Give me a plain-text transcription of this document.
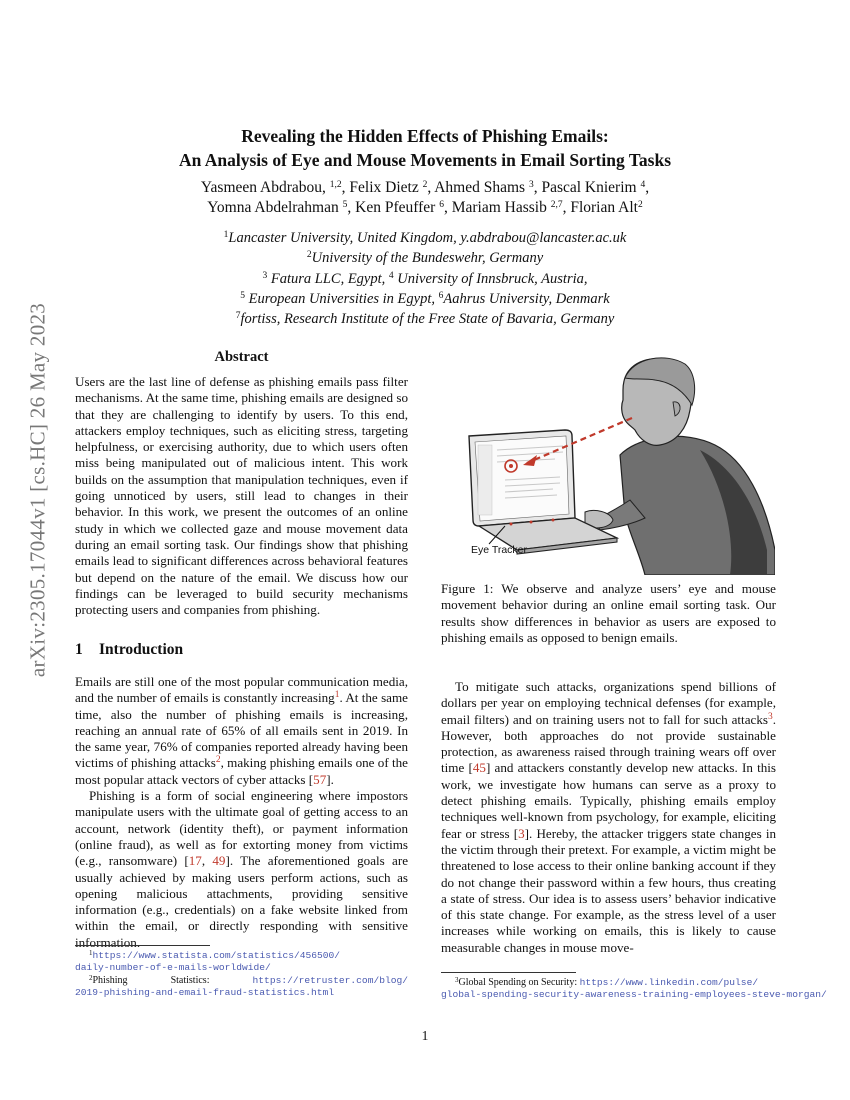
arXiv:2305.17044v1 [cs.HC] 26 May 2023
Revealing the Hidden Effects of Phishing Emails:
An Analysis of Eye and Mouse Movements in Email Sorting Tasks
Yasmeen Abdrabou, $^{1,2}$, Felix Dietz $^2$, Ahmed Shams $^3$, Pascal Knierim $^4$,
Yomna Abdelrahman $^5$, Ken Pfeuffer $^6$, Mariam Hassib $^{2,7}$, Florian Alt$^2$
$^1$Lancaster University, United Kingdom, y.abdrabou@lancaster.ac.uk
$^2$University of the Bundeswehr, Germany
$^3$ Fatura LLC, Egypt, $^4$ University of Innsbruck, Austria,
$^5$ European Universities in Egypt, $^6$Aahrus University, Denmark
$^7$fortiss, Research Institute of the Free State of Bavaria, Germany
Abstract

Users are the last line of defense as phishing emails pass filter mechanisms. At the same time, phishing emails are designed so that they are challenging to identify by users. To this end, attackers employ techniques, such as eliciting stress, targeting helpfulness, or exercising authority, due to which users often miss being manipulated out of malicious intent. This work builds on the assumption that manipulation techniques, even if going unnoticed by users, still lead to changes in their behavior. In this work, we present the outcomes of an online study in which we collected gaze and mouse movement data during an email sorting task. Our findings show that phishing emails lead to significant differences across behavioral features but depend on the nature of the email. We discuss how our findings can be leveraged to build security mechanisms protecting users and companies from phishing.

1 Introduction

Emails are still one of the most popular communication media, and the number of emails is constantly increasing$^1$. At the same time, also the number of phishing emails is increasing, reaching an annual rate of 65% of all emails sent in 2019. In the same year, 76% of companies reported already having been victims of phishing attacks$^2$, making phishing emails one of the most popular attack vectors of cyber attacks [57].

Phishing is a form of social engineering where impostors manipulate users with the ultimate goal of getting access to an account, network (identity theft), or payment information (online fraud), as well as for extorting money from victims (e.g., ransomware) [17, 49]. The aforementioned goals are usually achieved by making users perform actions, such as opening malicious attachments, providing sensitive information (e.g., credentials) on a fake website linked from within the email, or directly responding with sensitive information.

$^1$https://www.statista.com/statistics/456500/
daily-number-of-e-mails-worldwide/
$^2$Phishing	Statistics:	https://retruster.com/blog/
2019-phishing-and-email-fraud-statistics.html
Eye Tracker

Figure 1: We observe and analyze users’ eye and mouse movement behavior during an online email sorting task. Our results show differences in behavior as users are exposed to phishing emails as opposed to benign emails.

To mitigate such attacks, organizations spend billions of dollars per year on employing technical defenses (for example, email filters) and on training users not to fall for such attacks$^3$. However, both approaches do not provide sustainable protection, as awareness raised through training wears off over time [45] and attackers constantly develop new attacks. In this work, we investigate how humans can serve as a proxy to detect phishing emails. Typically, phishing emails employ techniques well-known from psychology, for example, eliciting fear or stress [3]. Hereby, the attacker triggers state changes in the victim through their pretext. For example, a victim might be threatened to lose access to their online banking account if they do not change their password within a few hours, thus creating a state of stress. Our idea is to assess users’ behavior indicative of this state change. For example, as the stress level of a user increases while working on emails, this is likely to cause measurable changes in mouse move-

$^3$Global Spending on Security: https://www.linkedin.com/pulse/
global-spending-security-awareness-training-employees-steve-morgan/
1
